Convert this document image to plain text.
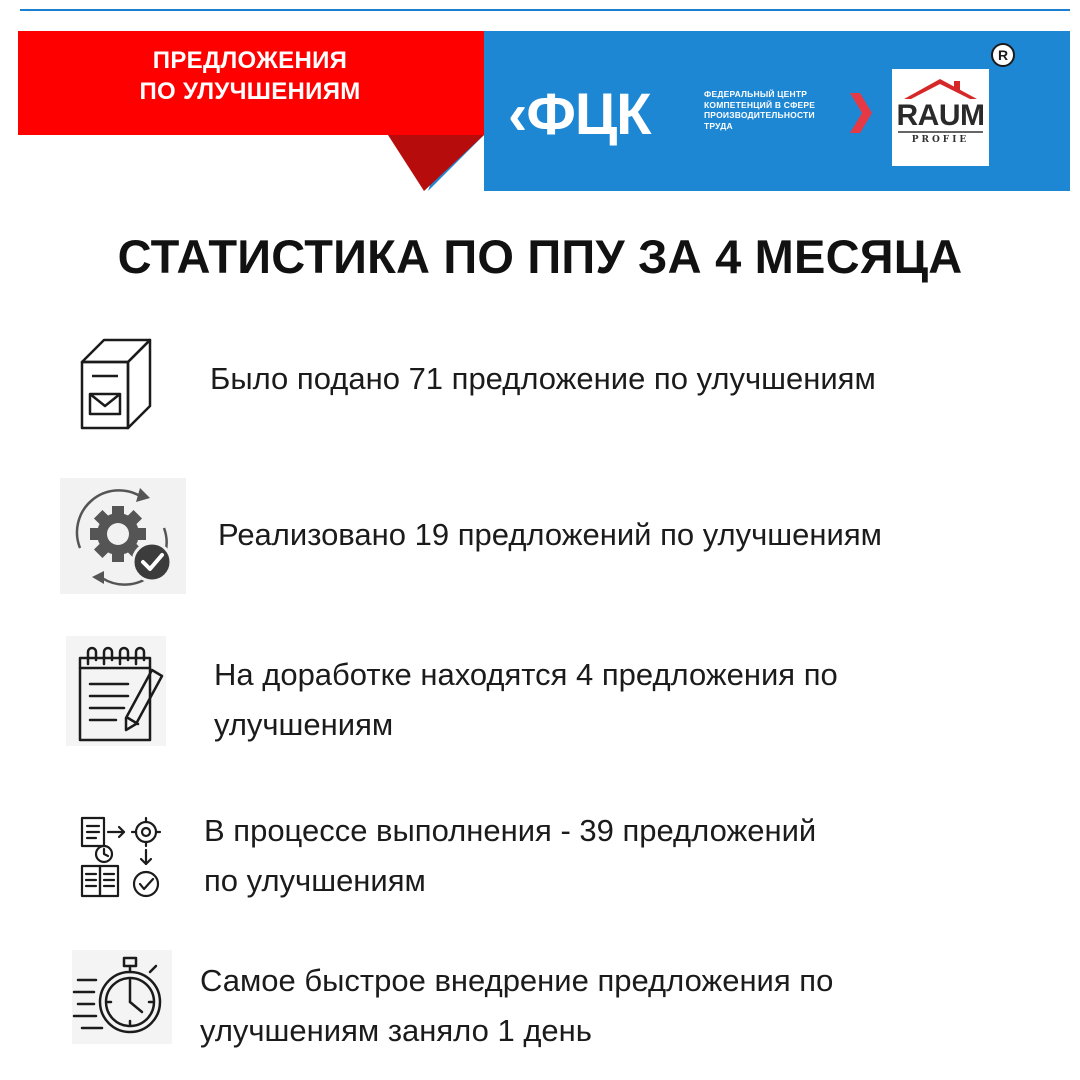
ПРЕДЛОЖЕНИЯ
ПО УЛУЧШЕНИЯМ	‹ФЦК	ФЕДЕРАЛЬНЫЙ ЦЕНТР
КОМПЕТЕНЦИЙ В СФЕРЕ
ПРОИЗВОДИТЕЛЬНОСТИ
ТРУДА	RAUM
PROFIE
R
СТАТИСТИКА ПО ППУ ЗА 4 МЕСЯЦА
Было подано 71 предложение по улучшениям
Реализовано 19 предложений по улучшениям
На доработке находятся 4 предложения по
улучшениям
В процессе выполнения - 39 предложений
по улучшениям
Самое быстрое внедрение предложения по
улучшениям заняло 1 день
